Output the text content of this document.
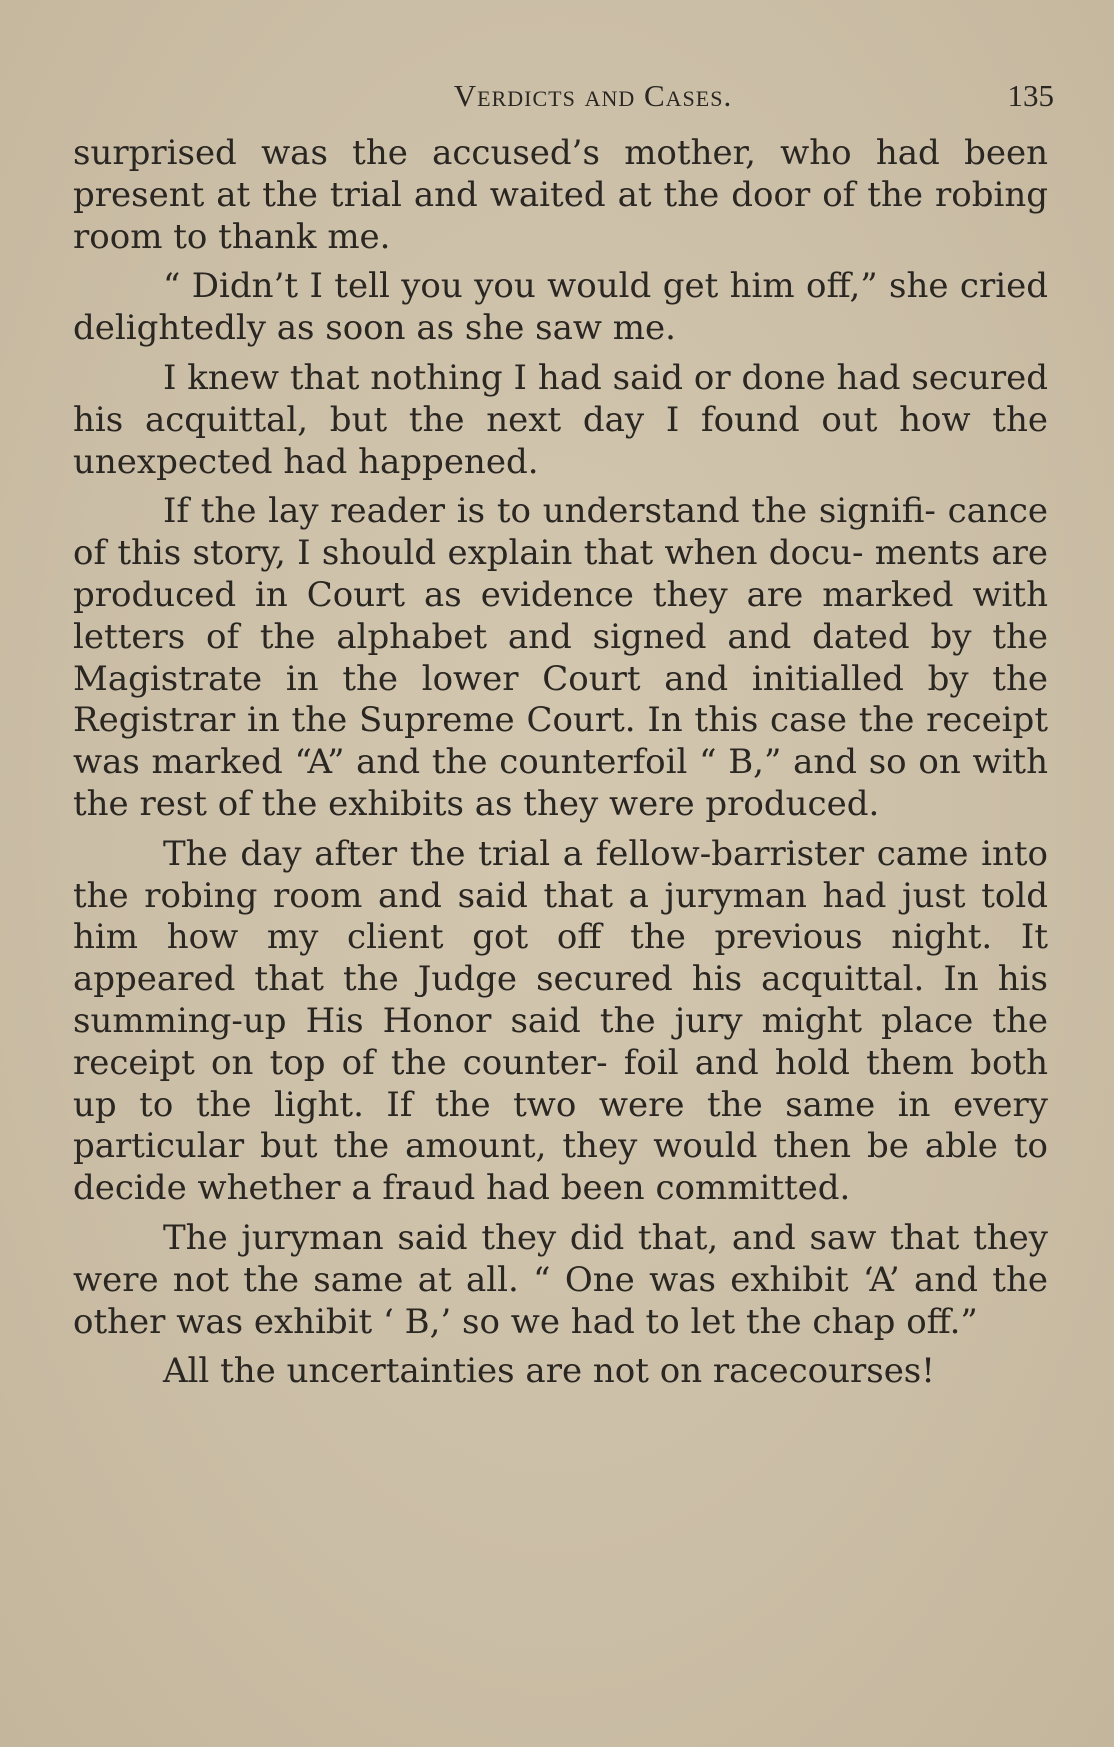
Verdicts and Cases.	135

surprised was the accused’s mother, who had been present at the trial and waited at the door of the robing room to thank me.

“ Didn’t I tell you you would get him off,” she cried delightedly as soon as she saw me.

I knew that nothing I had said or done had secured his acquittal, but the next day I found out how the unexpected had happened.

If the lay reader is to understand the signifi- cance of this story, I should explain that when docu- ments are produced in Court as evidence they are marked with letters of the alphabet and signed and dated by the Magistrate in the lower Court and initialled by the Registrar in the Supreme Court. In this case the receipt was marked “A” and the counterfoil “ B,” and so on with the rest of the exhibits as they were produced.

The day after the trial a fellow-barrister came into the robing room and said that a juryman had just told him how my client got off the previous night. It appeared that the Judge secured his acquittal. In his summing-up His Honor said the jury might place the receipt on top of the counter- foil and hold them both up to the light. If the two were the same in every particular but the amount, they would then be able to decide whether a fraud had been committed.

The juryman said they did that, and saw that they were not the same at all. “ One was exhibit ‘A’ and the other was exhibit ‘ B,’ so we had to let the chap off.”

All the uncertainties are not on racecourses!
